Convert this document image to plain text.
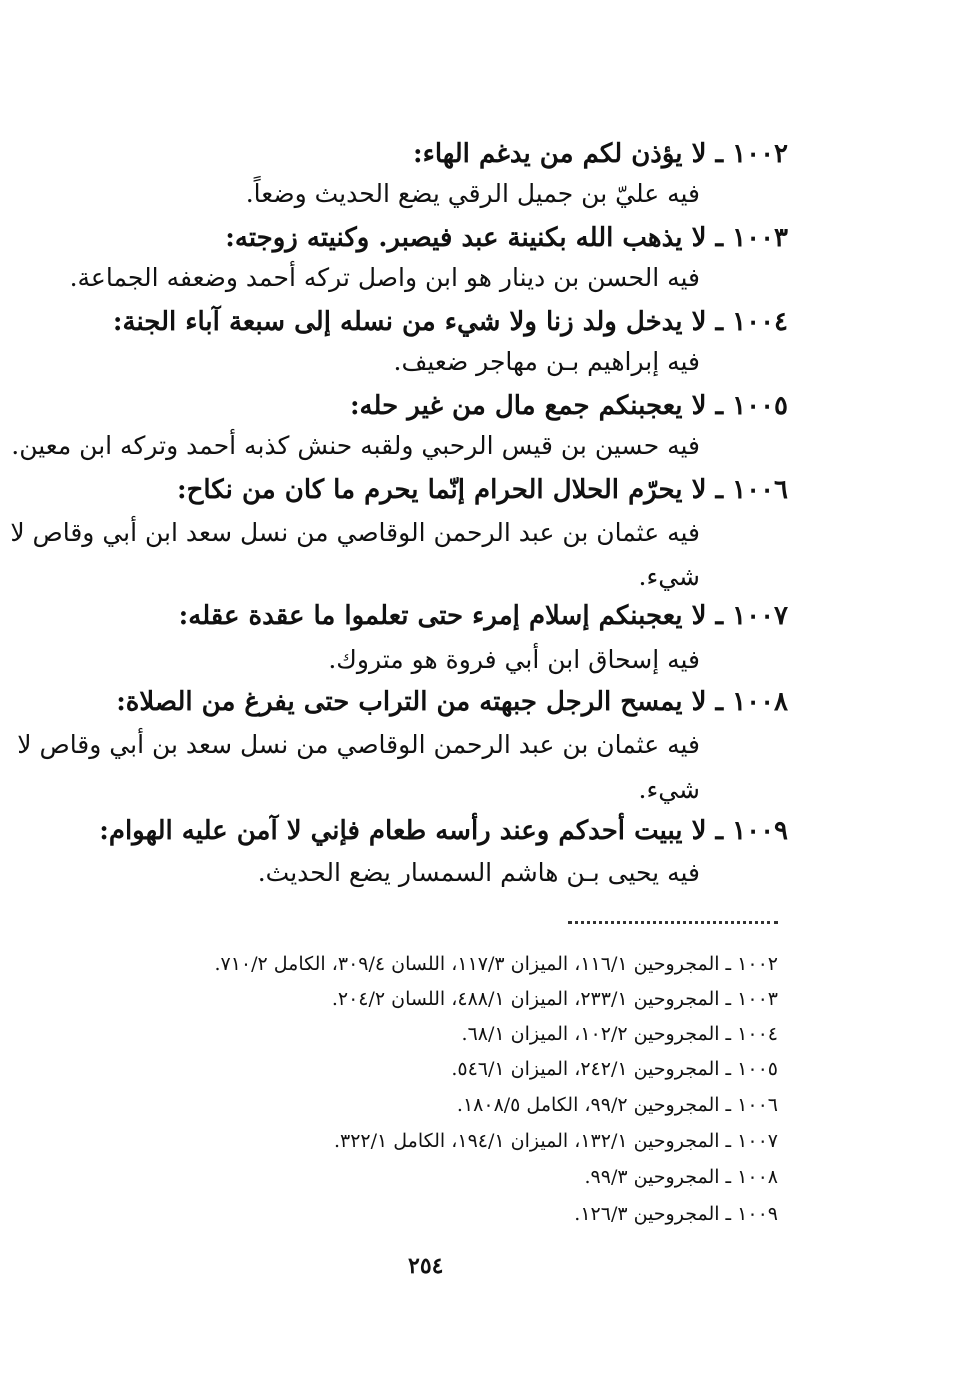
١٠٠٢ ـ لا يؤذن لكم من يدغم الهاء:

فيه عليّ بن جميل الرقي يضع الحديث وضعاً.

١٠٠٣ ـ لا يذهب الله بكنينة عبد فيصبر. وكنيته زوجته:

فيه الحسن بن دينار هو ابن واصل تركه أحمد وضعفه الجماعة.

١٠٠٤ ـ لا يدخل ولد زنا ولا شيء من نسله إلى سبعة آباء الجنة:

فيه إبراهيم بـن مهاجر ضعيف.

١٠٠٥ ـ لا يعجبنكم جمع مال من غير حله:

فيه حسين بن قيس الرحبي ولقبه حنش كذبه أحمد وتركه ابن معين.

١٠٠٦ ـ لا يحرّم الحلال الحرام إنّما يحرم ما كان من نكاح:

فيه عثمان بن عبد الرحمن الوقاصي من نسل سعد ابن أبي وقاص لا

شيء.

١٠٠٧ ـ لا يعجبنكم إسلام إمرء حتى تعلموا ما عقدة عقله:

فيه إسحاق ابن أبي فروة هو متروك.

١٠٠٨ ـ لا يمسح الرجل جبهته من التراب حتى يفرغ من الصلاة:

فيه عثمان بن عبد الرحمن الوقاصي من نسل سعد بن أبي وقاص لا

شيء.

١٠٠٩ ـ لا يبيت أحدكم وعند رأسه طعام فإني لا آمن عليه الهوام:

فيه يحيى بـن هاشم السمسار يضع الحديث.

١٠٠٢ ـ المجروحين ١١٦/١، الميزان ١١٧/٣، اللسان ٣٠٩/٤، الكامل ٧١٠/٢.

١٠٠٣ ـ المجروحين ٢٣٣/١، الميزان ٤٨٨/١، اللسان ٢٠٤/٢.

١٠٠٤ ـ المجروحين ١٠٢/٢، الميزان ٦٨/١.

١٠٠٥ ـ المجروحين ٢٤٢/١، الميزان ٥٤٦/١.

١٠٠٦ ـ المجروحين ٩٩/٢، الكامل ١٨٠٨/٥.

١٠٠٧ ـ المجروحين ١٣٢/١، الميزان ١٩٤/١، الكامل ٣٢٢/١.

١٠٠٨ ـ المجروحين ٩٩/٣.

١٠٠٩ ـ المجروحين ١٢٦/٣.

٢٥٤
